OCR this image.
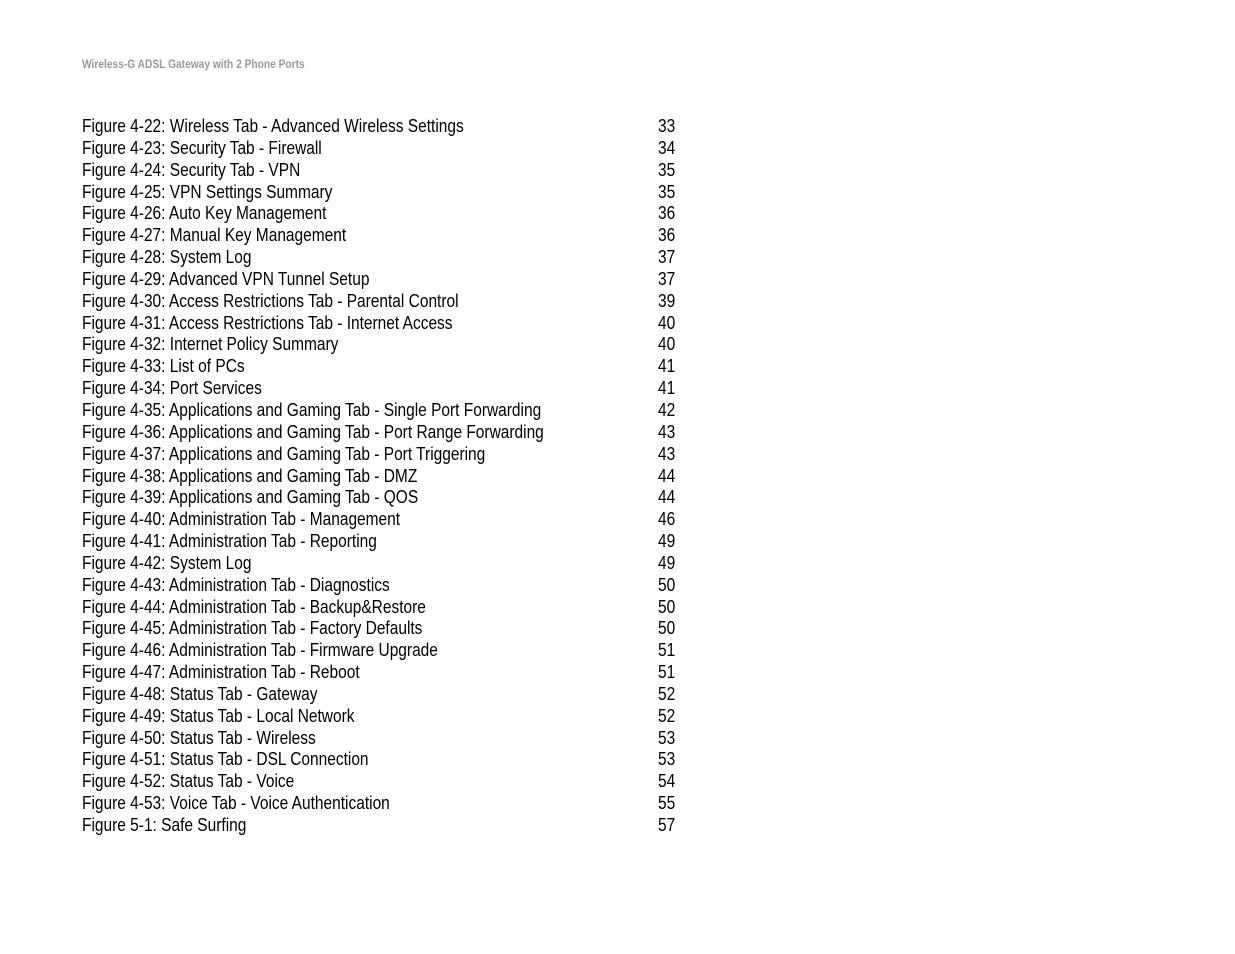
Wireless-G ADSL Gateway with 2 Phone Ports
Figure 4-22: Wireless Tab - Advanced Wireless Settings	33
Figure 4-23: Security Tab - Firewall	34
Figure 4-24: Security Tab - VPN	35
Figure 4-25: VPN Settings Summary	35
Figure 4-26: Auto Key Management	36
Figure 4-27: Manual Key Management	36
Figure 4-28: System Log	37
Figure 4-29: Advanced VPN Tunnel Setup	37
Figure 4-30: Access Restrictions Tab - Parental Control	39
Figure 4-31: Access Restrictions Tab - Internet Access	40
Figure 4-32: Internet Policy Summary	40
Figure 4-33: List of PCs	41
Figure 4-34: Port Services	41
Figure 4-35: Applications and Gaming Tab - Single Port Forwarding	42
Figure 4-36: Applications and Gaming Tab - Port Range Forwarding	43
Figure 4-37: Applications and Gaming Tab - Port Triggering	43
Figure 4-38: Applications and Gaming Tab - DMZ	44
Figure 4-39: Applications and Gaming Tab - QOS	44
Figure 4-40: Administration Tab - Management	46
Figure 4-41: Administration Tab - Reporting	49
Figure 4-42: System Log	49
Figure 4-43: Administration Tab - Diagnostics	50
Figure 4-44: Administration Tab - Backup&Restore	50
Figure 4-45: Administration Tab - Factory Defaults	50
Figure 4-46: Administration Tab - Firmware Upgrade	51
Figure 4-47: Administration Tab - Reboot	51
Figure 4-48: Status Tab - Gateway	52
Figure 4-49: Status Tab - Local Network	52
Figure 4-50: Status Tab - Wireless	53
Figure 4-51: Status Tab - DSL Connection	53
Figure 4-52: Status Tab - Voice	54
Figure 4-53: Voice Tab - Voice Authentication	55
Figure 5-1: Safe Surfing	57
